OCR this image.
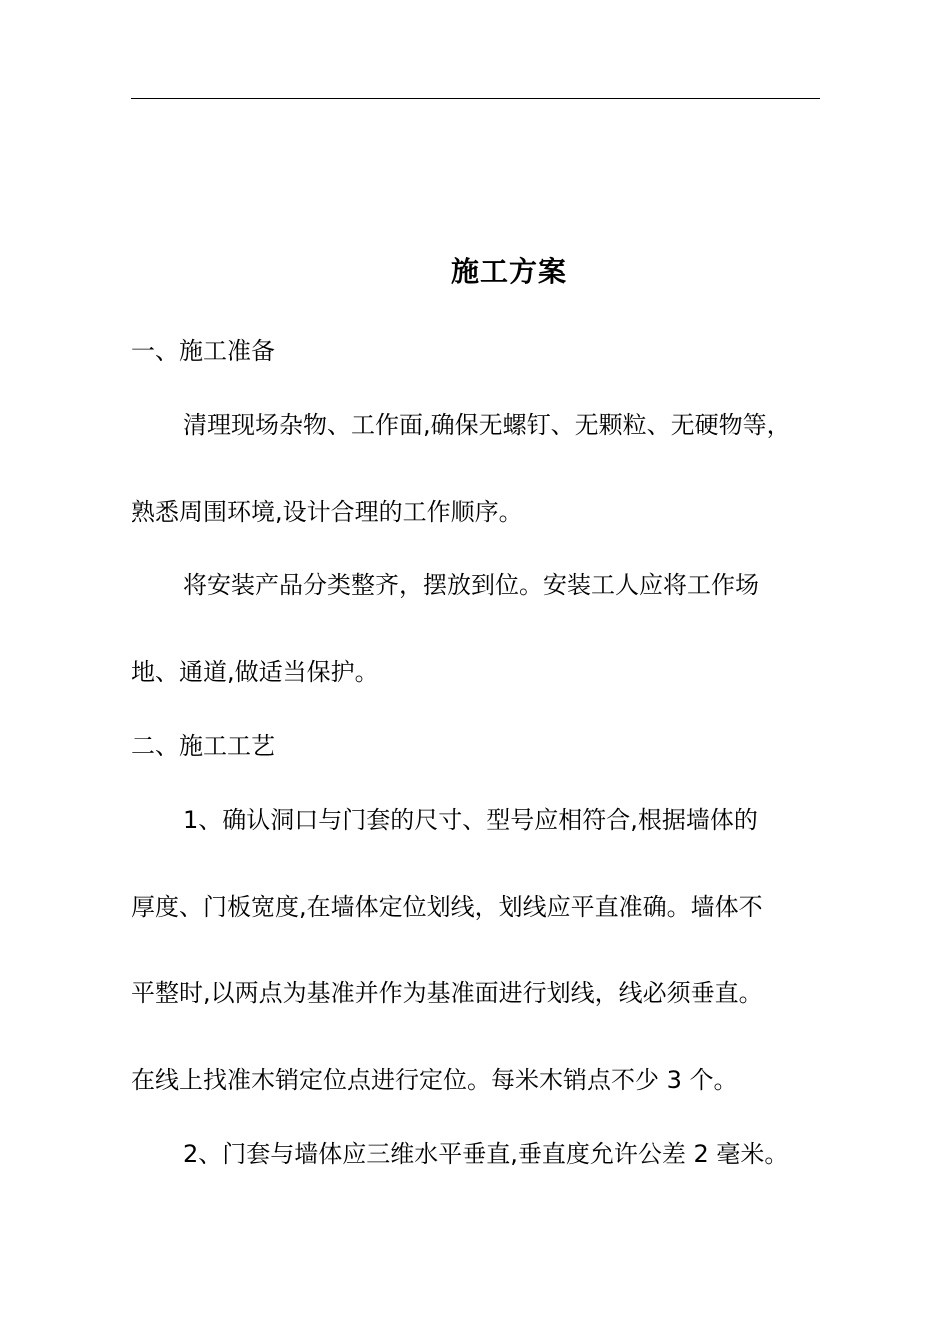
施工方案

一、施工准备

清理现场杂物、工作面,确保无螺钉、无颗粒、无硬物等，

熟悉周围环境,设计合理的工作顺序。

将安装产品分类整齐，摆放到位。安装工人应将工作场

地、通道,做适当保护。

二、施工工艺

1、确认洞口与门套的尺寸、型号应相符合,根据墙体的

厚度、门板宽度,在墙体定位划线，划线应平直准确。墙体不

平整时,以两点为基准并作为基准面进行划线，线必须垂直。

在线上找准木销定位点进行定位。每米木销点不少 3 个。

2、门套与墙体应三维水平垂直,垂直度允许公差 2 毫米。
